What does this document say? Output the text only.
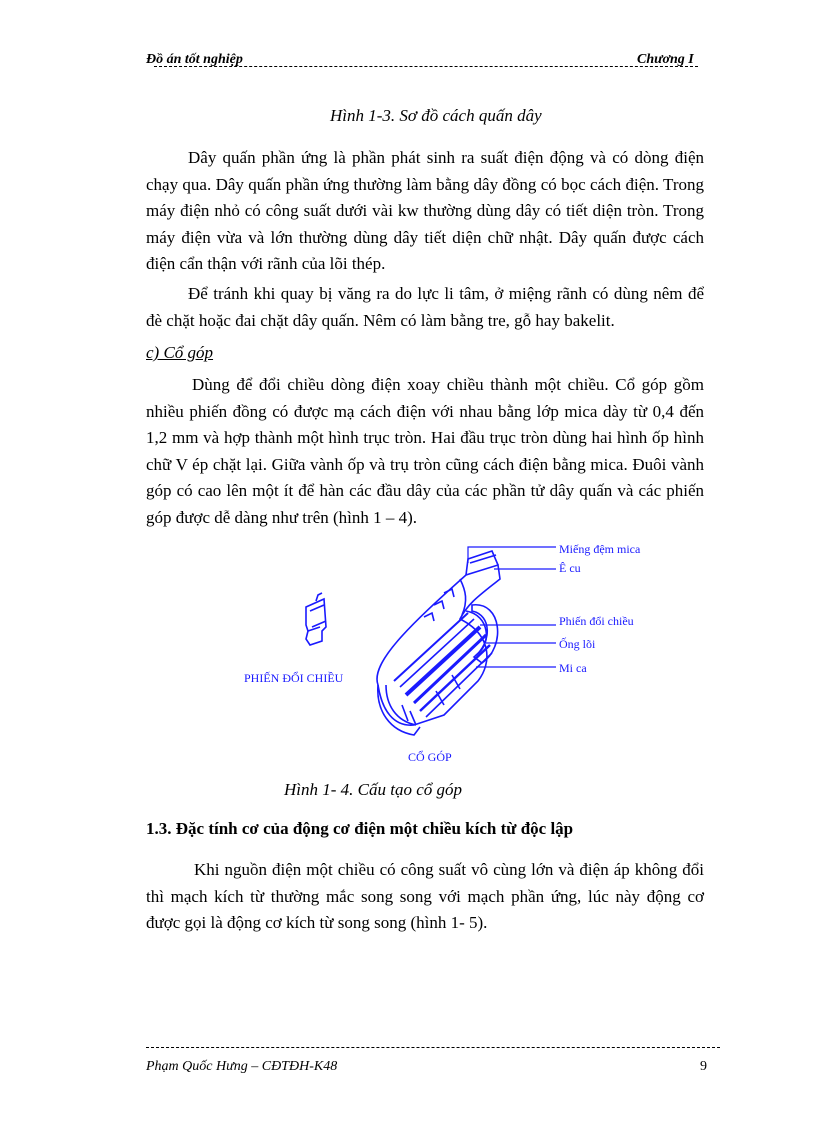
Đồ án tốt nghiệp	Chương I
Hình 1-3. Sơ đồ cách quấn dây

Dây quấn phần ứng là phần phát sinh ra suất điện động và có dòng điện chạy qua. Dây quấn phần ứng thường làm bằng dây đồng có bọc cách điện. Trong máy điện nhỏ có công suất dưới vài kw thường dùng dây có tiết diện tròn. Trong máy điện vừa và lớn thường dùng dây tiết diện chữ nhật. Dây quấn được cách điện cẩn thận với rãnh của lõi thép.

Để tránh khi quay bị văng ra do lực li tâm, ở miệng rãnh có dùng nêm để đè chặt hoặc đai chặt dây quấn. Nêm có làm bằng tre, gỗ hay bakelit.

c) Cổ góp

Dùng để đổi chiều dòng điện xoay chiều thành một chiều. Cổ góp gồm nhiều phiến đồng có được mạ cách điện với nhau bằng lớp mica dày từ 0,4 đến 1,2 mm và hợp thành một hình trục tròn. Hai đầu trục tròn dùng hai hình ốp hình chữ V ép chặt lại. Giữa vành ốp và trụ tròn cũng cách điện bằng mica. Đuôi vành góp có cao lên một ít để hàn các đầu dây của các phần tử dây quấn và các phiến góp được dễ dàng như trên (hình 1 – 4).

Miếng đệm mica
Ê cu
Phiến đổi chiều
Ống lõi
Mi ca
PHIẾN ĐỔI CHIỀU
CỔ GÓP
Hình 1- 4. Cấu tạo cổ góp
1.3. Đặc tính cơ của động cơ điện một chiều kích từ độc lập

Khi nguồn điện một chiều có công suất vô cùng lớn và điện áp không đổi thì mạch kích từ thường mắc song song với mạch phần ứng, lúc này động cơ được gọi là động cơ kích từ song song (hình 1- 5).

Phạm Quốc Hưng – CĐTĐH-K48	9
